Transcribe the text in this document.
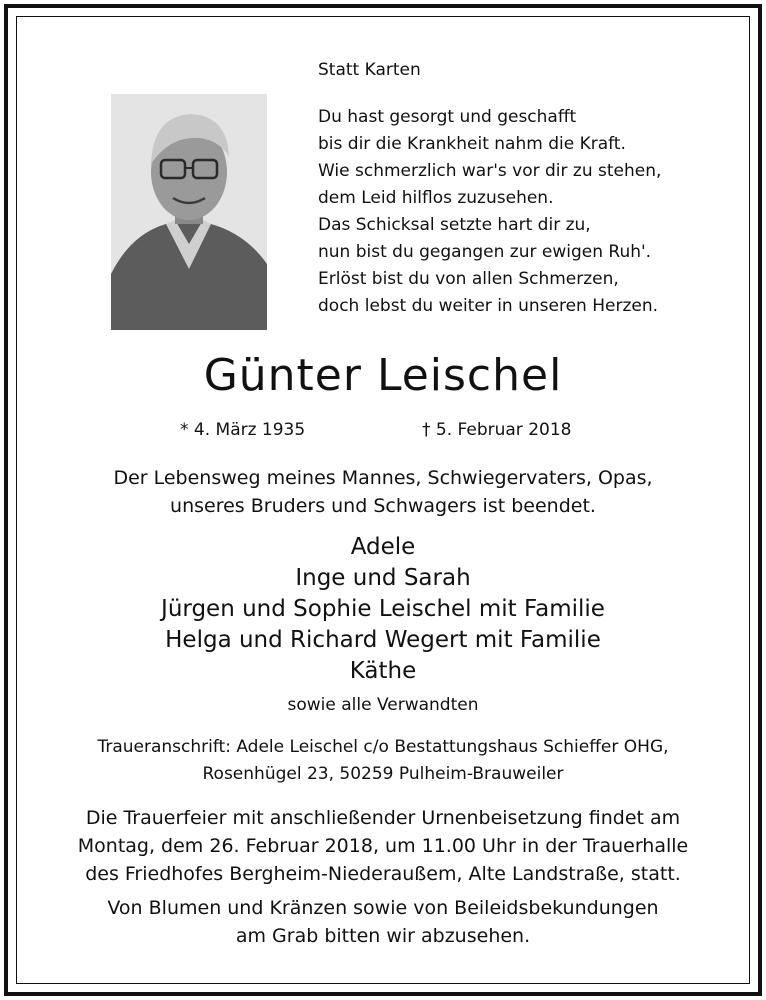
Statt Karten
Du hast gesorgt und geschafft
bis dir die Krankheit nahm die Kraft.
Wie schmerzlich war's vor dir zu stehen,
dem Leid hilflos zuzusehen.
Das Schicksal setzte hart dir zu,
nun bist du gegangen zur ewigen Ruh'.
Erlöst bist du von allen Schmerzen,
doch lebst du weiter in unseren Herzen.
Günter Leischel
* 4. März 1935	† 5. Februar 2018
Der Lebensweg meines Mannes, Schwiegervaters, Opas,
unseres Bruders und Schwagers ist beendet.
Adele
Inge und Sarah
Jürgen und Sophie Leischel mit Familie
Helga und Richard Wegert mit Familie
Käthe
sowie alle Verwandten
Traueranschrift: Adele Leischel c/o Bestattungshaus Schieffer OHG,
Rosenhügel 23, 50259 Pulheim-Brauweiler
Die Trauerfeier mit anschließender Urnenbeisetzung findet am
Montag, dem 26. Februar 2018, um 11.00 Uhr in der Trauerhalle
des Friedhofes Bergheim-Niederaußem, Alte Landstraße, statt.
Von Blumen und Kränzen sowie von Beileidsbekundungen
am Grab bitten wir abzusehen.
